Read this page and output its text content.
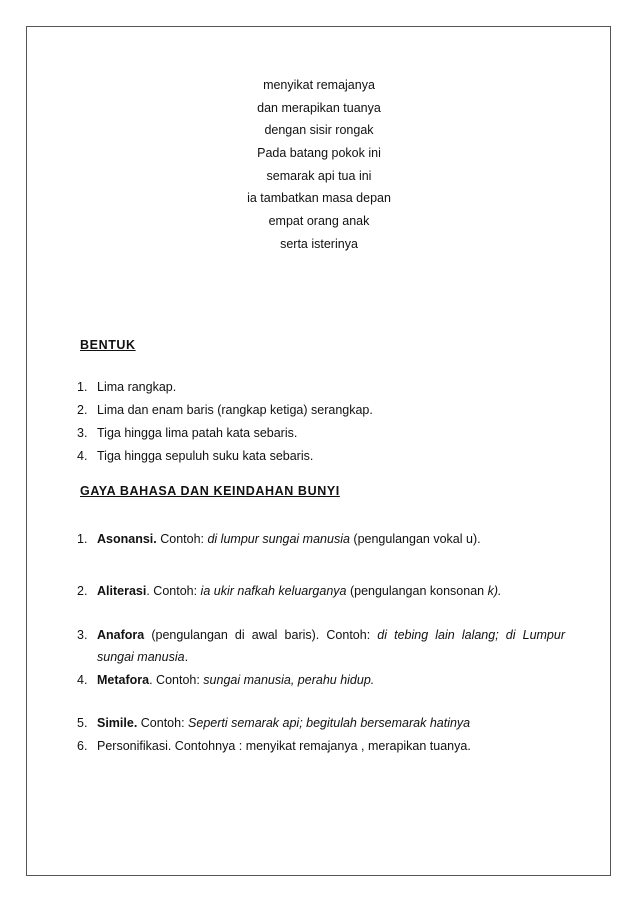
menyikat remajanya
dan merapikan tuanya
dengan sisir rongak
Pada batang pokok ini
semarak api tua ini
ia tambatkan masa depan
empat orang anak
serta isterinya
BENTUK
1. Lima rangkap.
2. Lima dan enam baris (rangkap ketiga) serangkap.
3. Tiga hingga lima patah kata sebaris.
4. Tiga hingga sepuluh suku kata sebaris.
GAYA BAHASA DAN KEINDAHAN BUNYI
1. Asonansi. Contoh: di lumpur sungai manusia (pengulangan vokal u).
2. Aliterasi. Contoh: ia ukir nafkah keluarganya (pengulangan konsonan k).
3. Anafora (pengulangan di awal baris). Contoh: di tebing lain lalang; di Lumpur
sungai manusia.
4. Metafora. Contoh: sungai manusia, perahu hidup.
5. Simile. Contoh: Seperti semarak api; begitulah bersemarak hatinya
6. Personifikasi. Contohnya : menyikat remajanya , merapikan tuanya.
